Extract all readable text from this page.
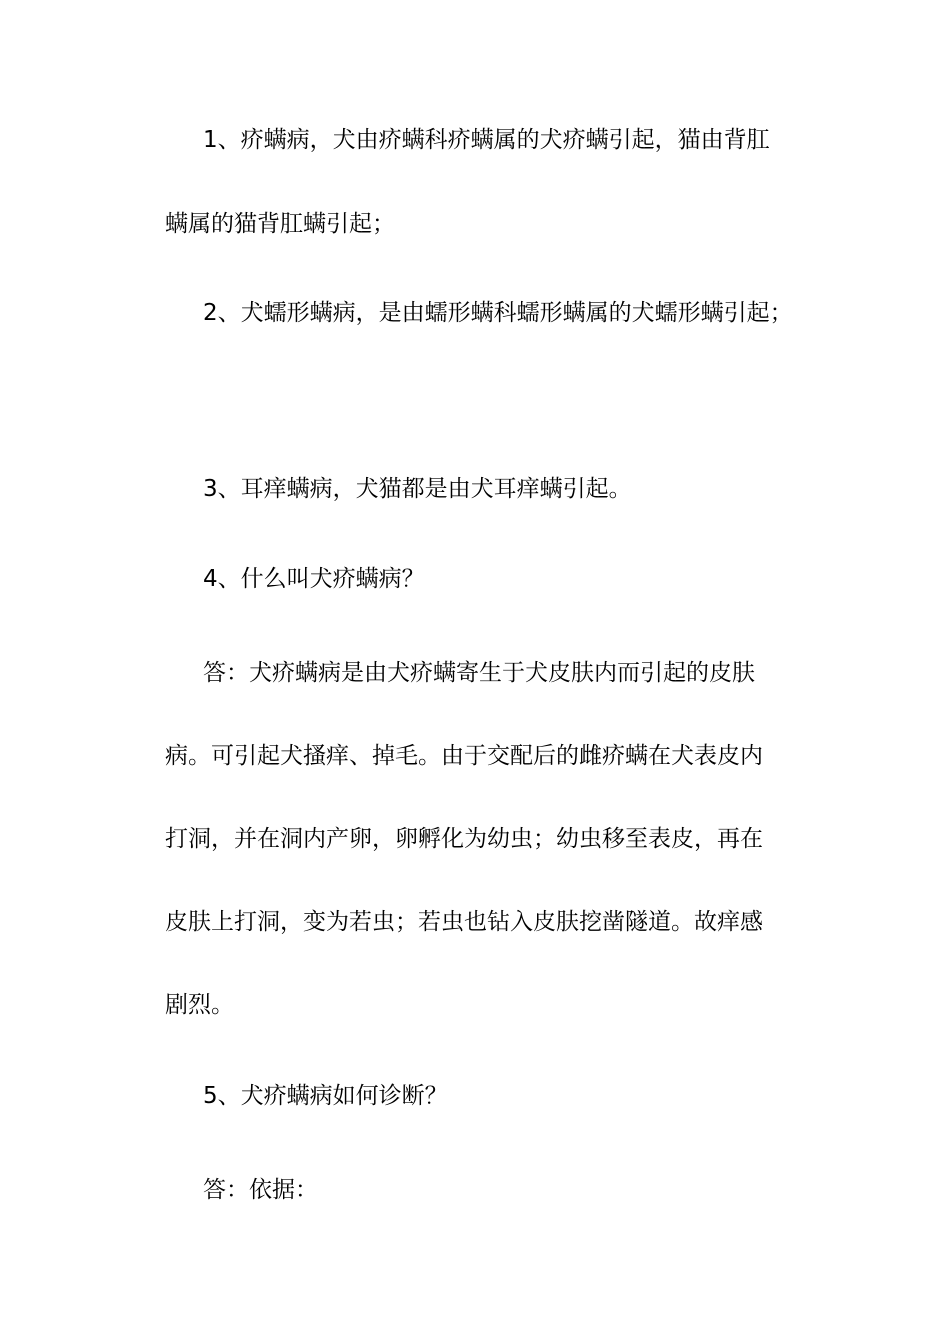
1、疥螨病，犬由疥螨科疥螨属的犬疥螨引起，猫由背肛
螨属的猫背肛螨引起；
2、犬蠕形螨病，是由蠕形螨科蠕形螨属的犬蠕形螨引起；
3、耳痒螨病，犬猫都是由犬耳痒螨引起。
4、什么叫犬疥螨病？
答：犬疥螨病是由犬疥螨寄生于犬皮肤内而引起的皮肤
病。可引起犬搔痒、掉毛。由于交配后的雌疥螨在犬表皮内
打洞，并在洞内产卵，卵孵化为幼虫；幼虫移至表皮，再在
皮肤上打洞，变为若虫；若虫也钻入皮肤挖凿隧道。故痒感
剧烈。
5、犬疥螨病如何诊断？
答：依据：
